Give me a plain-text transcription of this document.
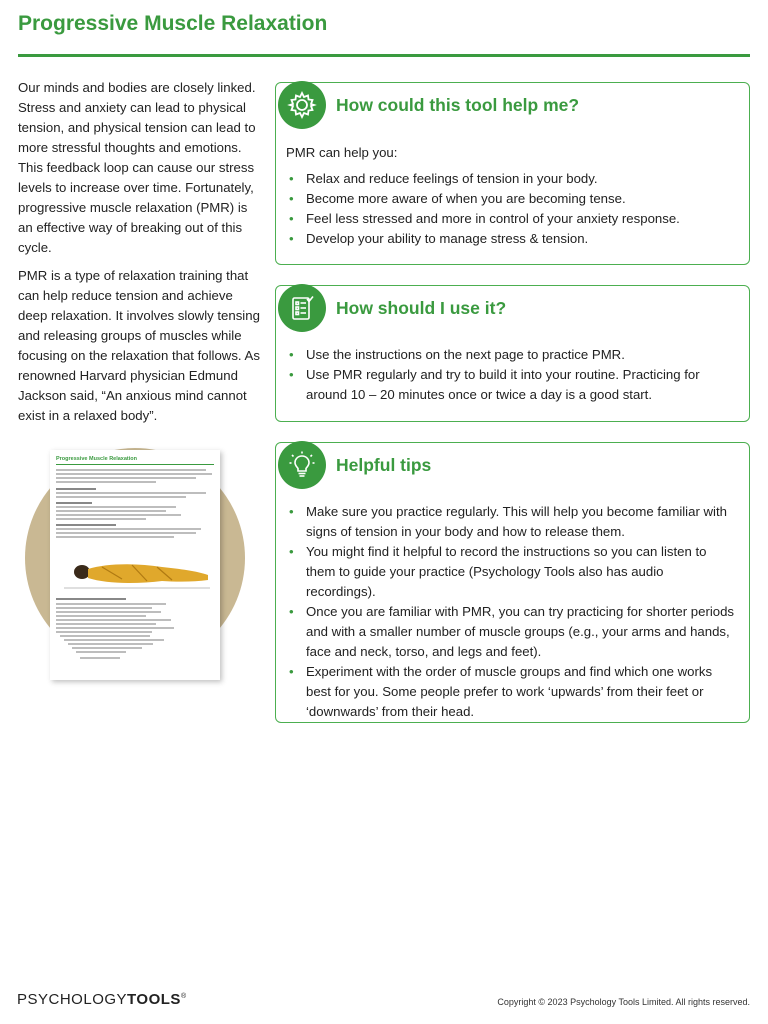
Progressive Muscle Relaxation

Our minds and bodies are closely linked. Stress and anxiety can lead to physical tension, and physical tension can lead to more stressful thoughts and emotions. This feedback loop can cause our stress levels to increase over time. Fortunately, progressive muscle relaxation (PMR) is an effective way of breaking out of this cycle.

PMR is a type of relaxation training that can help reduce tension and achieve deep relaxation. It involves slowly tensing and releasing groups of muscles while focusing on the relaxation that follows. As renowned Harvard physician Edmund Jackson said, “An anxious mind cannot exist in a relaxed body”.

How could this tool help me?

PMR can help you:

• Relax and reduce feelings of tension in your body.
• Become more aware of when you are becoming tense.
• Feel less stressed and more in control of your anxiety response.
• Develop your ability to manage stress & tension.
How should I use it?
• Use the instructions on the next page to practice PMR.
• Use PMR regularly and try to build it into your routine. Practicing for around 10 – 20 minutes once or twice a day is a good start.
Helpful tips
• Make sure you practice regularly. This will help you become familiar with signs of tension in your body and how to release them.
• You might find it helpful to record the instructions so you can listen to them to guide your practice (Psychology Tools also has audio recordings).
• Once you are familiar with PMR, you can try practicing for shorter periods and with a smaller number of muscle groups (e.g., your arms and hands, face and neck, torso, and legs and feet).
• Experiment with the order of muscle groups and find which one works best for you. Some people prefer to work ‘upwards’ from their feet or ‘downwards’ from their head.
Progressive Muscle Relaxation
PSYCHOLOGYTOOLS®
Copyright © 2023 Psychology Tools Limited. All rights reserved.
